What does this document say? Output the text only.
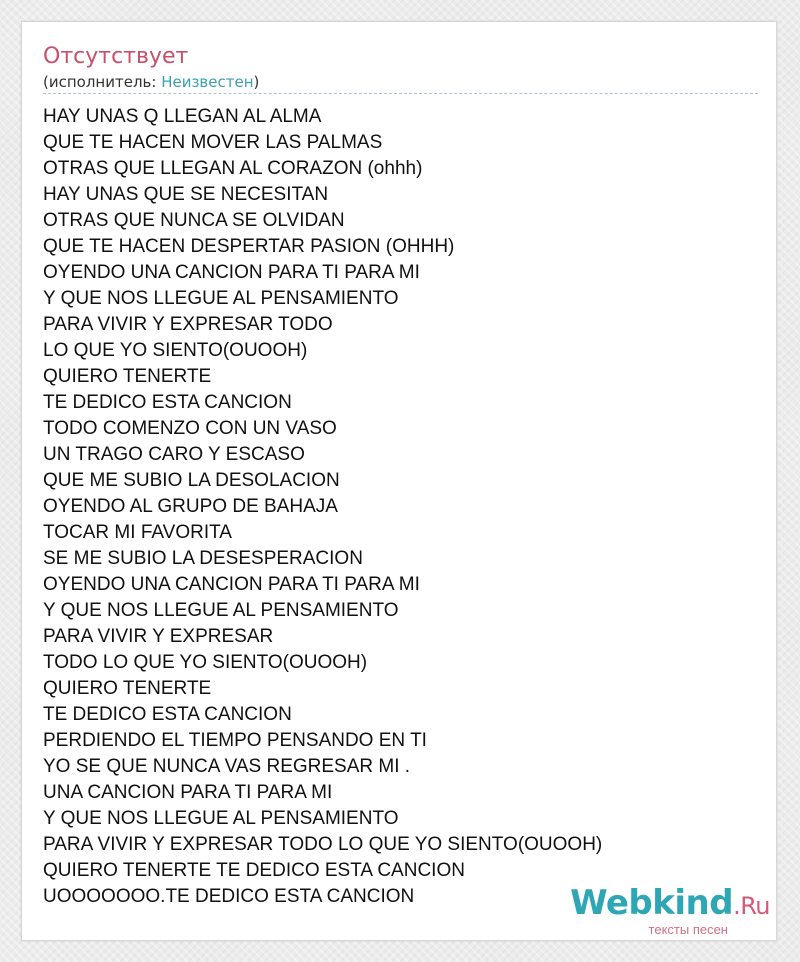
Отсутствует
(исполнитель: Неизвестен)
HAY UNAS Q LLEGAN AL ALMA
QUE TE HACEN MOVER LAS PALMAS
OTRAS QUE LLEGAN AL CORAZON (ohhh)
HAY UNAS QUE SE NECESITAN
OTRAS QUE NUNCA SE OLVIDAN
QUE TE HACEN DESPERTAR PASION (OHHH)
OYENDO UNA CANCION PARA TI PARA MI
Y QUE NOS LLEGUE AL PENSAMIENTO
PARA VIVIR Y EXPRESAR TODO
LO QUE YO SIENTO(OUOOH)
QUIERO TENERTE
TE DEDICO ESTA CANCION
TODO COMENZO CON UN VASO
UN TRAGO CARO Y ESCASO
QUE ME SUBIO LA DESOLACION
OYENDO AL GRUPO DE BAHAJA
TOCAR MI FAVORITA
SE ME SUBIO LA DESESPERACION
OYENDO UNA CANCION PARA TI PARA MI
Y QUE NOS LLEGUE AL PENSAMIENTO
PARA VIVIR Y EXPRESAR
TODO LO QUE YO SIENTO(OUOOH)
QUIERO TENERTE
TE DEDICO ESTA CANCION
PERDIENDO EL TIEMPO PENSANDO EN TI
YO SE QUE NUNCA VAS REGRESAR MI .
UNA CANCION PARA TI PARA MI
Y QUE NOS LLEGUE AL PENSAMIENTO
PARA VIVIR Y EXPRESAR TODO LO QUE YO SIENTO(OUOOH)
QUIERO TENERTE TE DEDICO ESTA CANCION
UOOOOOOO.TE DEDICO ESTA CANCION	Webkind.Ru
тексты песен
